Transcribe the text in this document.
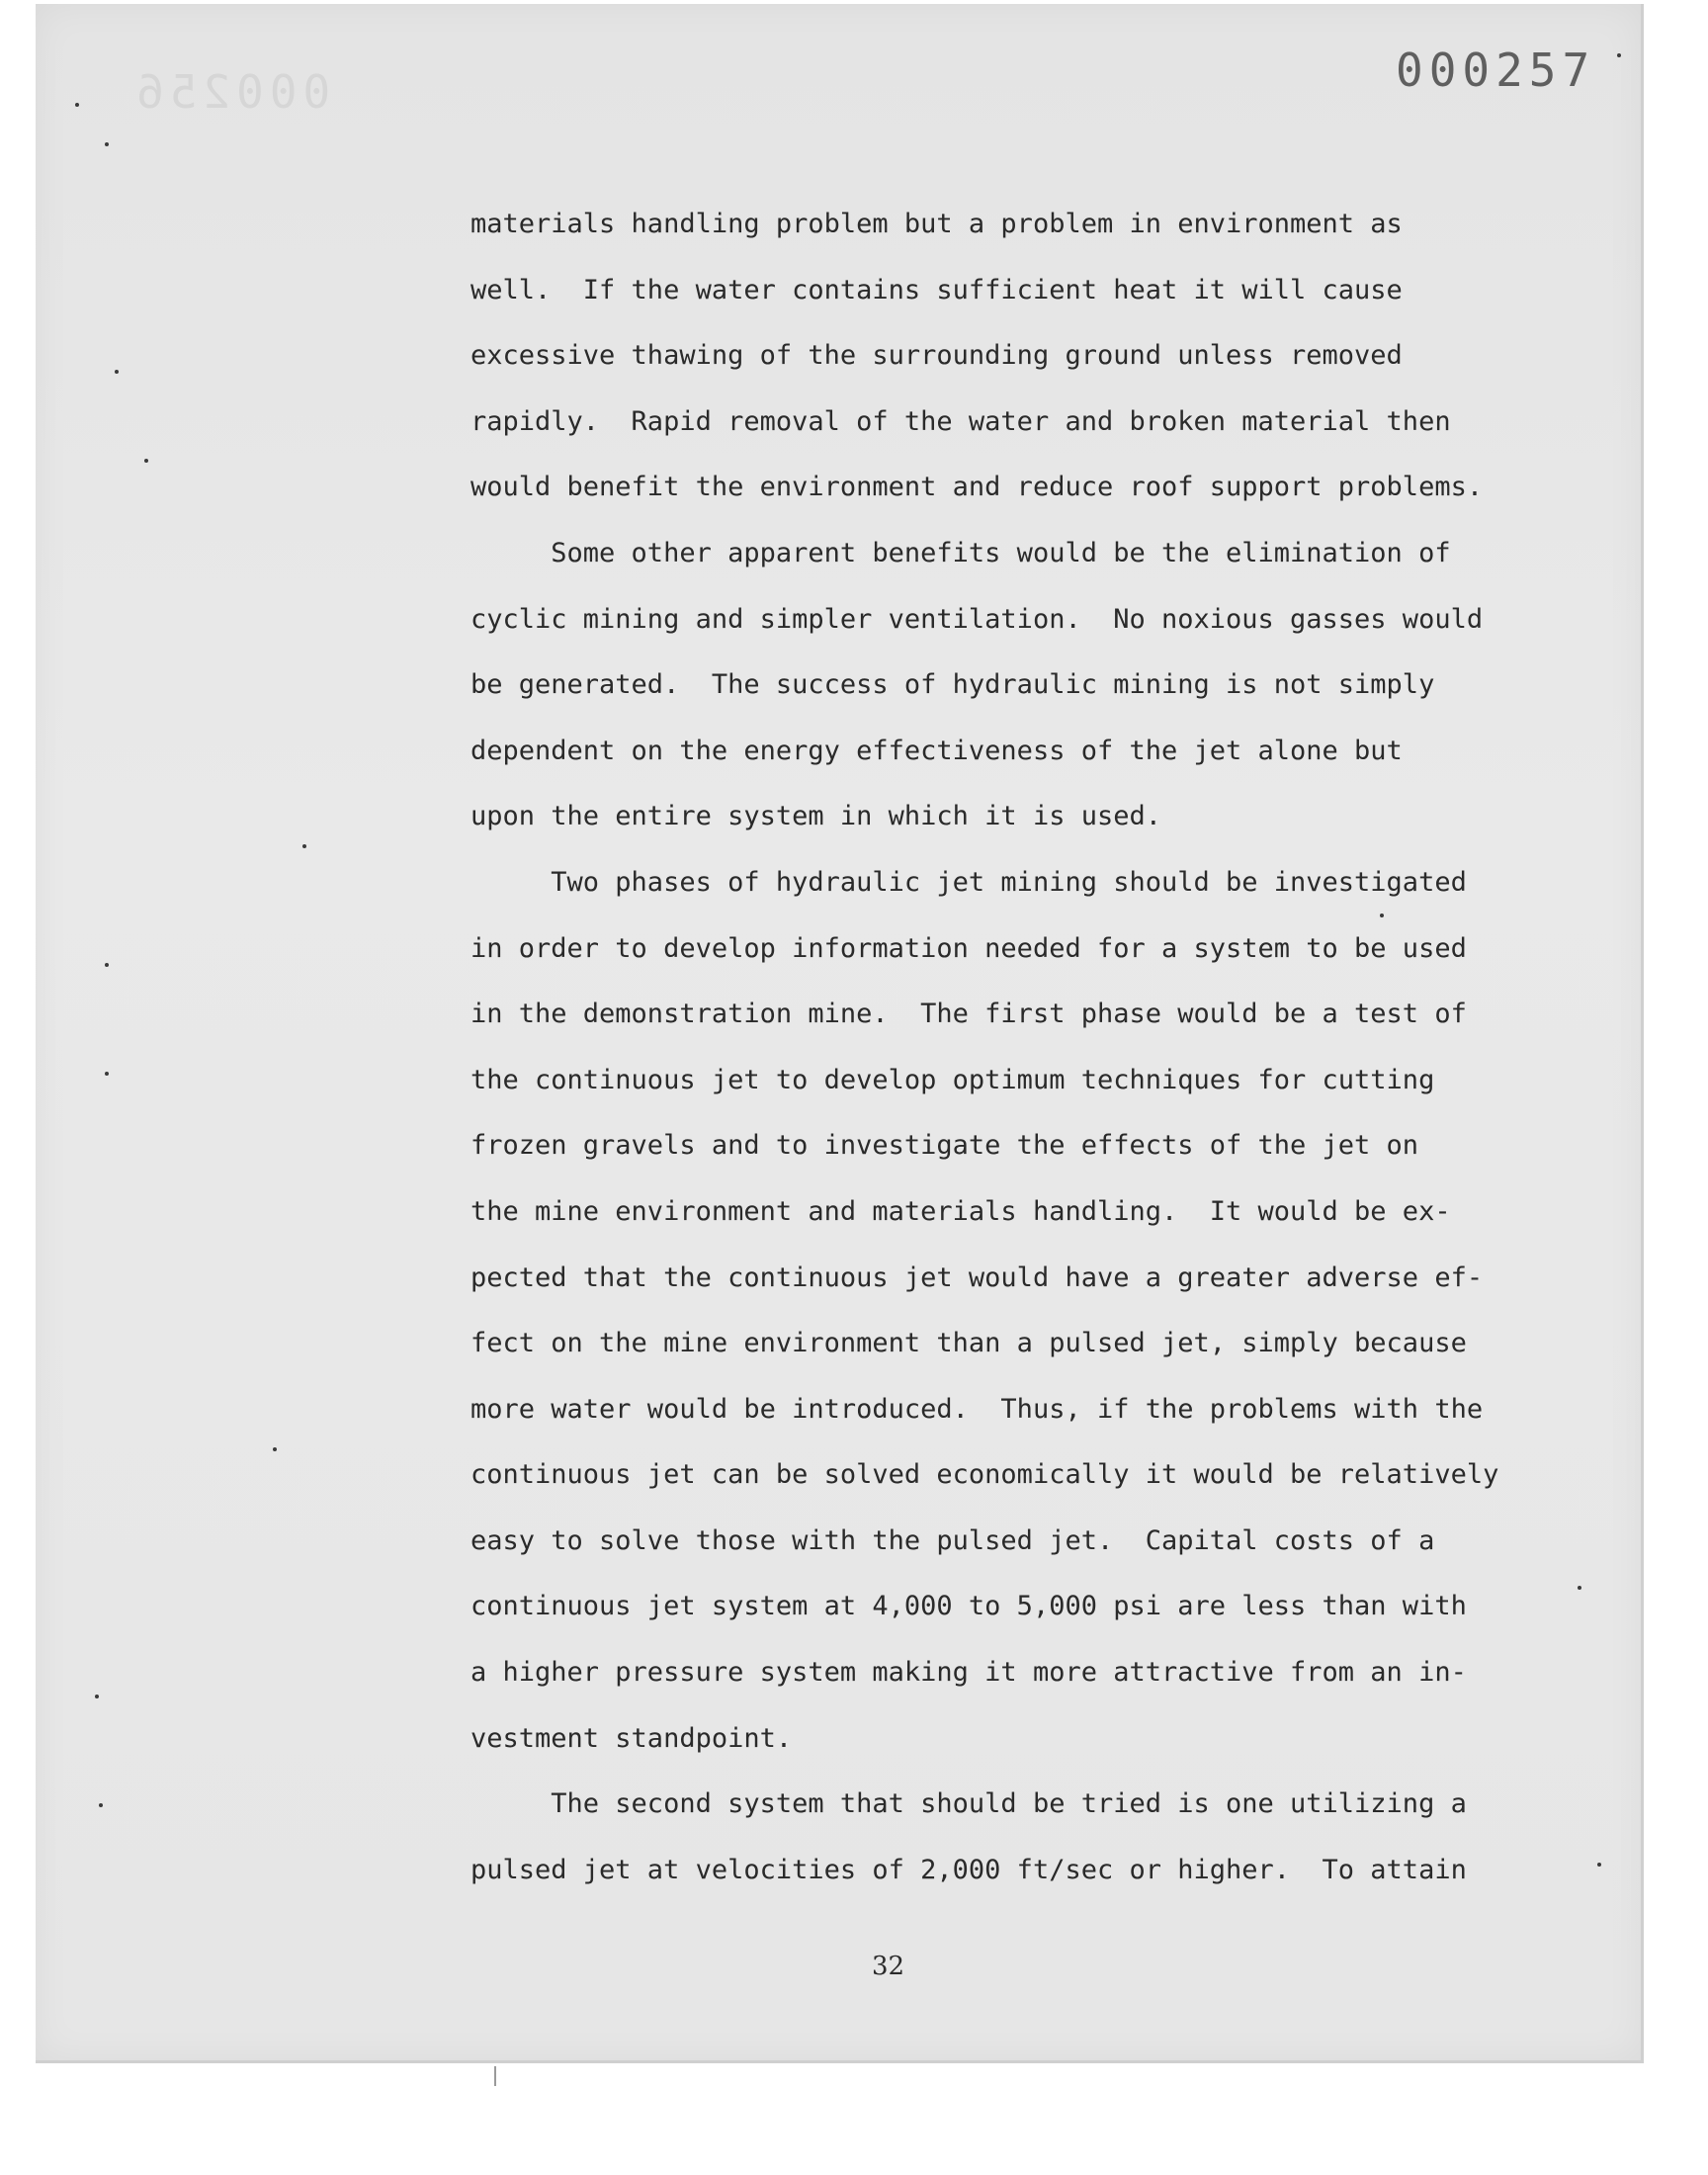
000256	000257
materials handling problem but a problem in environment as
well.  If the water contains sufficient heat it will cause
excessive thawing of the surrounding ground unless removed
rapidly.  Rapid removal of the water and broken material then
would benefit the environment and reduce roof support problems.
Some other apparent benefits would be the elimination of
cyclic mining and simpler ventilation.  No noxious gasses would
be generated.  The success of hydraulic mining is not simply
dependent on the energy effectiveness of the jet alone but
upon the entire system in which it is used.
Two phases of hydraulic jet mining should be investigated
in order to develop information needed for a system to be used
in the demonstration mine.  The first phase would be a test of
the continuous jet to develop optimum techniques for cutting
frozen gravels and to investigate the effects of the jet on
the mine environment and materials handling.  It would be ex-
pected that the continuous jet would have a greater adverse ef-
fect on the mine environment than a pulsed jet, simply because
more water would be introduced.  Thus, if the problems with the
continuous jet can be solved economically it would be relatively
easy to solve those with the pulsed jet.  Capital costs of a
continuous jet system at 4,000 to 5,000 psi are less than with
a higher pressure system making it more attractive from an in-
vestment standpoint.
The second system that should be tried is one utilizing a
pulsed jet at velocities of 2,000 ft/sec or higher.  To attain
32
